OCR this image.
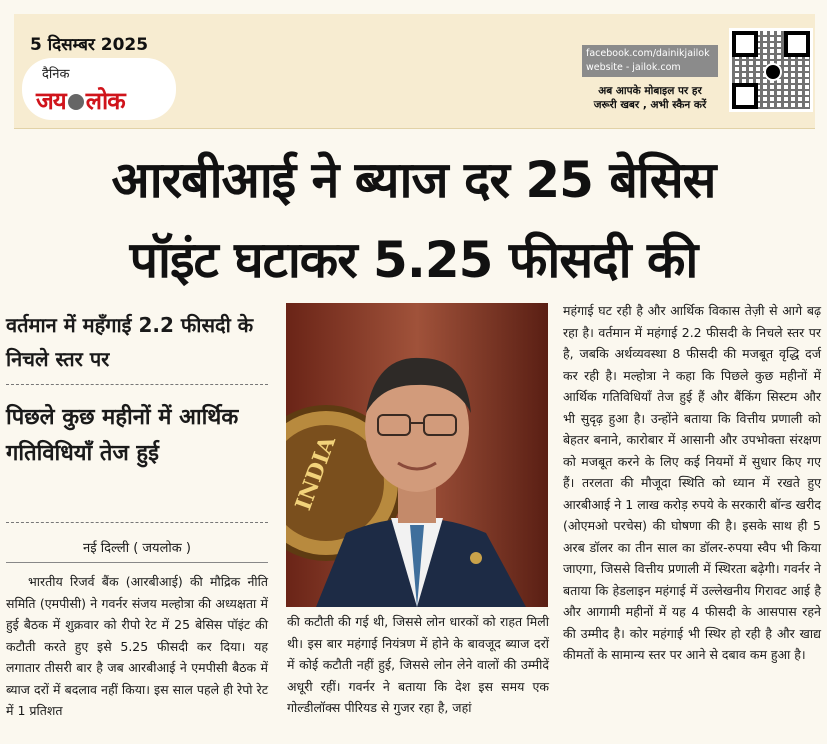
5 दिसम्बर 2025
दैनिक
जय लोक
facebook.com/dainikjailok
website - jailok.com
अब आपके मोबाइल पर हर
जरूरी खबर , अभी स्कैन करें
आरबीआई ने ब्याज दर 25 बेसिस
पॉइंट घटाकर 5.25 फीसदी की
वर्तमान में महँगाई 2.2 फीसदी के निचले स्तर पर
पिछले कुछ महीनों में आर्थिक गतिविधियाँ तेज हुई
नई दिल्ली ( जयलोक )
भारतीय रिजर्व बैंक (आरबीआई) की मौद्रिक नीति समिति (एमपीसी) ने गवर्नर संजय मल्होत्रा की अध्यक्षता में हुई बैठक में शुक्रवार को रीपो रेट में 25 बेसिस पॉइंट की कटौती करते हुए इसे 5.25 फीसदी कर दिया। यह लगातार तीसरी बार है जब आरबीआई ने एमपीसी बैठक में ब्याज दरों में बदलाव नहीं किया। इस साल पहले ही रेपो रेट में 1 प्रतिशत
INDIA
की कटौती की गई थी, जिससे लोन धारकों को राहत मिली थी। इस बार महंगाई नियंत्रण में होने के बावजूद ब्याज दरों में कोई कटौती नहीं हुई, जिससे लोन लेने वालों की उम्मीदें अधूरी रहीं। गवर्नर ने बताया कि देश इस समय एक गोल्डीलॉक्स पीरियड से गुजर रहा है, जहां
महंगाई घट रही है और आर्थिक विकास तेज़ी से आगे बढ़ रहा है। वर्तमान में महंगाई 2.2 फीसदी के निचले स्तर पर है, जबकि अर्थव्यवस्था 8 फीसदी की मजबूत वृद्धि दर्ज कर रही है। मल्होत्रा ने कहा कि पिछले कुछ महीनों में आर्थिक गतिविधियाँ तेज हुई हैं और बैंकिंग सिस्टम और भी सुदृढ़ हुआ है। उन्होंने बताया कि वित्तीय प्रणाली को बेहतर बनाने, कारोबार में आसानी और उपभोक्ता संरक्षण को मजबूत करने के लिए कई नियमों में सुधार किए गए हैं। तरलता की मौजूदा स्थिति को ध्यान में रखते हुए आरबीआई ने 1 लाख करोड़ रुपये के सरकारी बॉन्ड खरीद (ओएमओ परचेस) की घोषणा की है। इसके साथ ही 5 अरब डॉलर का तीन साल का डॉलर-रुपया स्वैप भी किया जाएगा, जिससे वित्तीय प्रणाली में स्थिरता बढ़ेगी। गवर्नर ने बताया कि हेडलाइन महंगाई में उल्लेखनीय गिरावट आई है और आगामी महीनों में यह 4 फीसदी के आसपास रहने की उम्मीद है। कोर महंगाई भी स्थिर हो रही है और खाद्य कीमतों के सामान्य स्तर पर आने से दबाव कम हुआ है।
